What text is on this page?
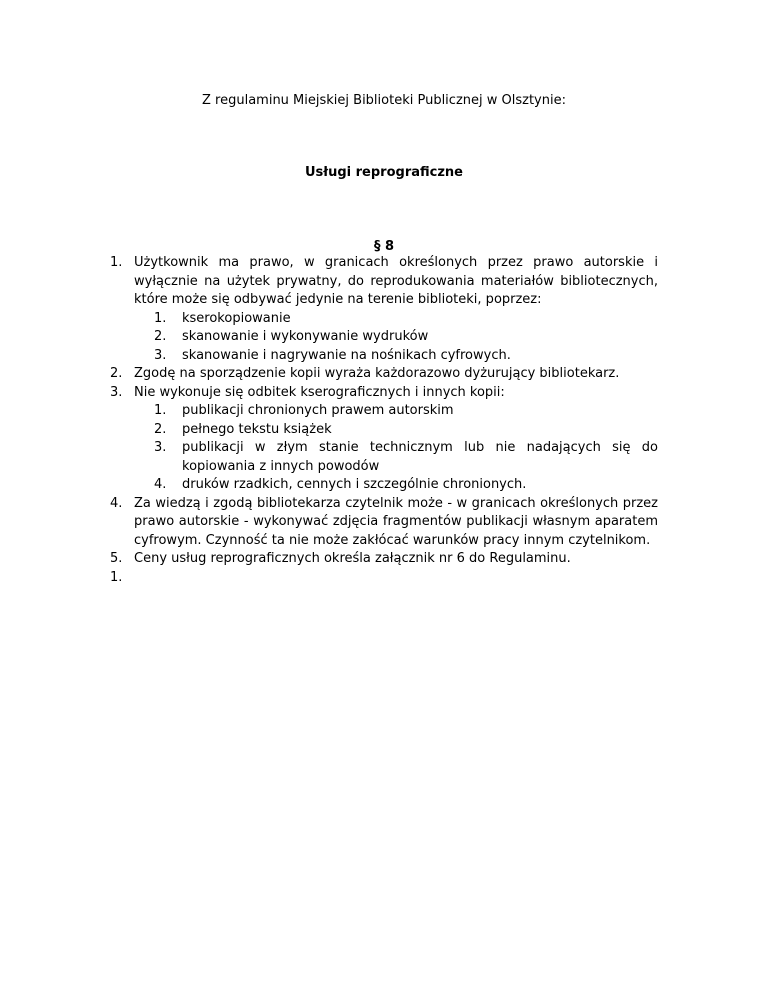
Z regulaminu Miejskiej Biblioteki Publicznej w Olsztynie:
Usługi reprograficzne
§ 8
1. Użytkownik ma prawo, w granicach określonych przez prawo autorskie i wyłącznie na użytek prywatny, do reprodukowania materiałów bibliotecznych, które może się odbywać jedynie na terenie biblioteki, poprzez:
1. kserokopiowanie
2. skanowanie i wykonywanie wydruków
3. skanowanie i nagrywanie na nośnikach cyfrowych.
2. Zgodę na sporządzenie kopii wyraża każdorazowo dyżurujący bibliotekarz.
3. Nie wykonuje się odbitek kserograficznych i innych kopii:
1. publikacji chronionych prawem autorskim
2. pełnego tekstu książek
3. publikacji w złym stanie technicznym lub nie nadających się do kopiowania z innych powodów
4. druków rzadkich, cennych i szczególnie chronionych.
4. Za wiedzą i zgodą bibliotekarza czytelnik może - w granicach określonych przez prawo autorskie - wykonywać zdjęcia fragmentów publikacji własnym aparatem cyfrowym. Czynność ta nie może zakłócać warunków pracy innym czytelnikom.
5. Ceny usług reprograficznych określa załącznik nr 6 do Regulaminu.
1.
